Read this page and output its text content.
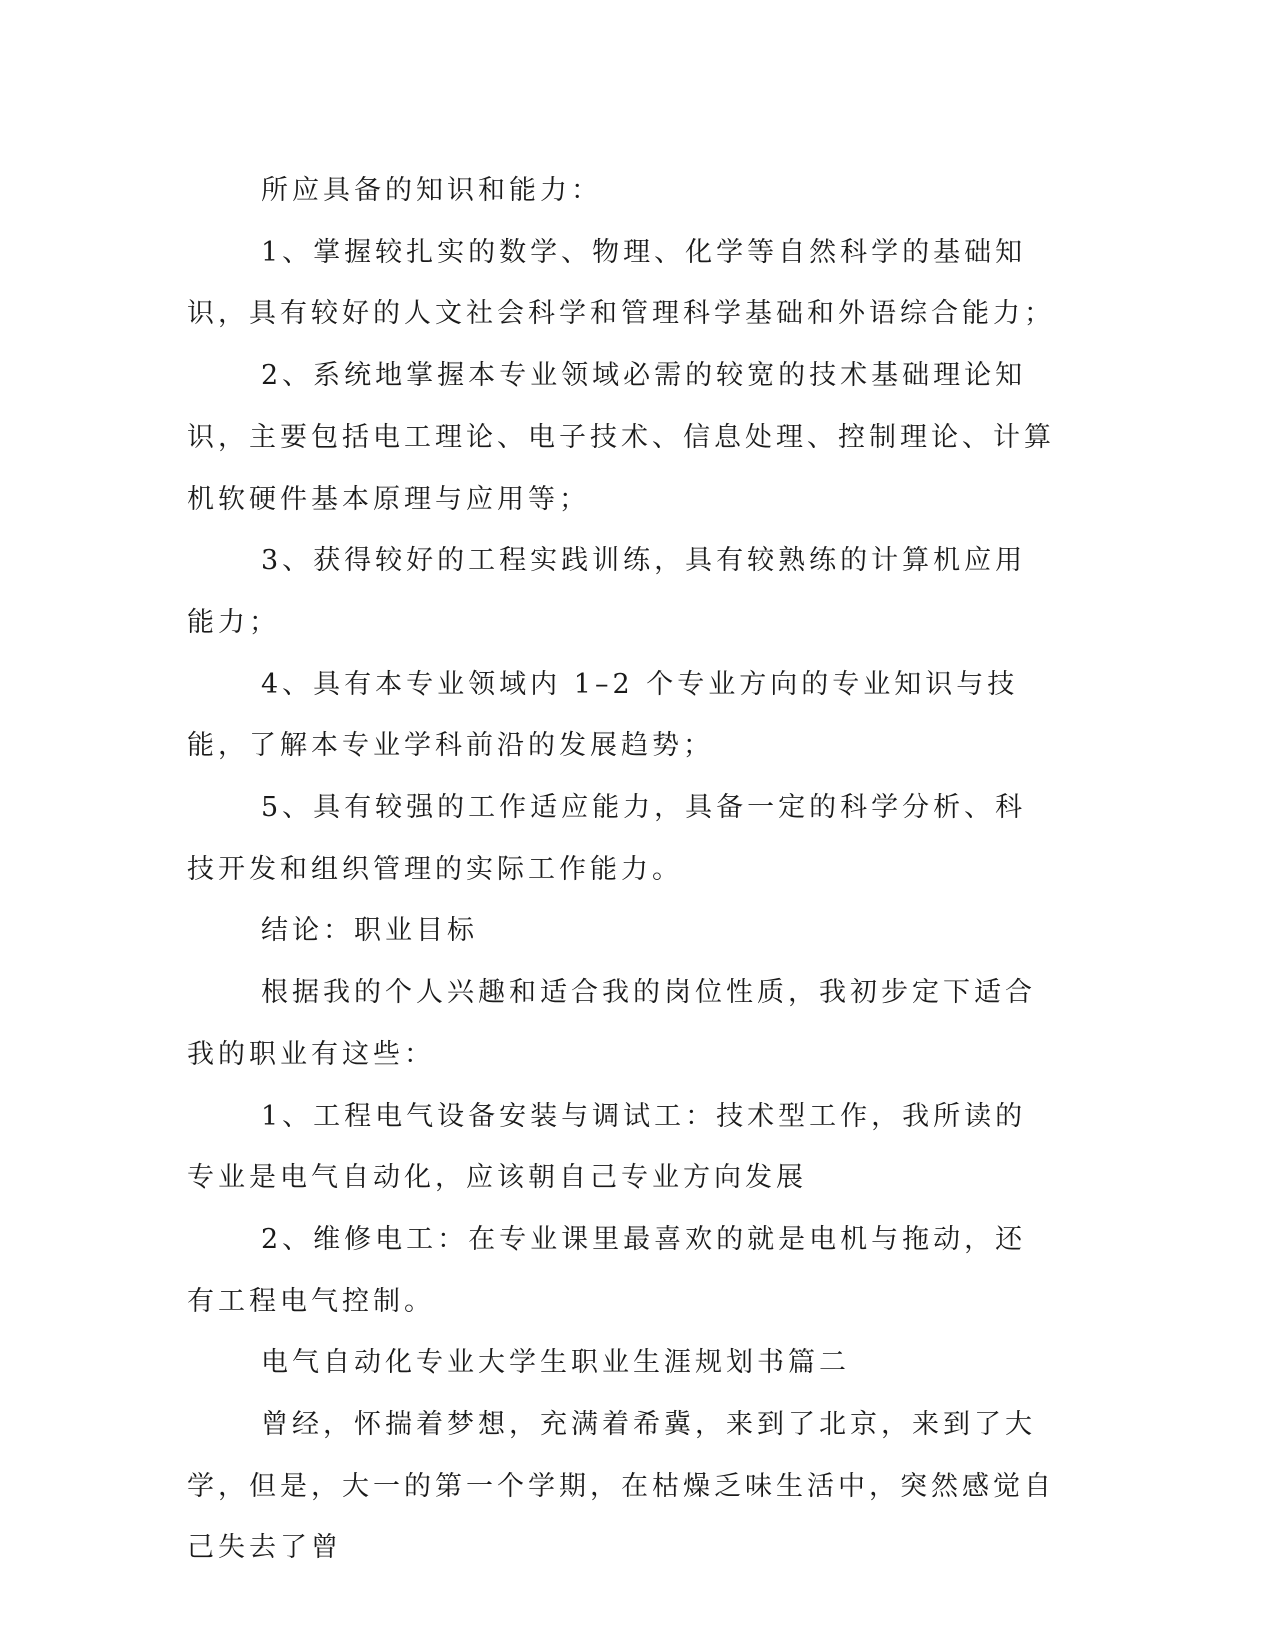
所应具备的知识和能力：

1、掌握较扎实的数学、物理、化学等自然科学的基础知识，具有较好的人文社会科学和管理科学基础和外语综合能力；

2、系统地掌握本专业领域必需的较宽的技术基础理论知识，主要包括电工理论、电子技术、信息处理、控制理论、计算机软硬件基本原理与应用等；

3、获得较好的工程实践训练，具有较熟练的计算机应用能力；

4、具有本专业领域内 1–2 个专业方向的专业知识与技能，了解本专业学科前沿的发展趋势；

5、具有较强的工作适应能力，具备一定的科学分析、科技开发和组织管理的实际工作能力。

结论：职业目标

根据我的个人兴趣和适合我的岗位性质，我初步定下适合我的职业有这些：

1、工程电气设备安装与调试工：技术型工作，我所读的专业是电气自动化，应该朝自己专业方向发展

2、维修电工：在专业课里最喜欢的就是电机与拖动，还有工程电气控制。

电气自动化专业大学生职业生涯规划书篇二

曾经，怀揣着梦想，充满着希冀，来到了北京，来到了大学，但是，大一的第一个学期，在枯燥乏味生活中，突然感觉自己失去了曾
